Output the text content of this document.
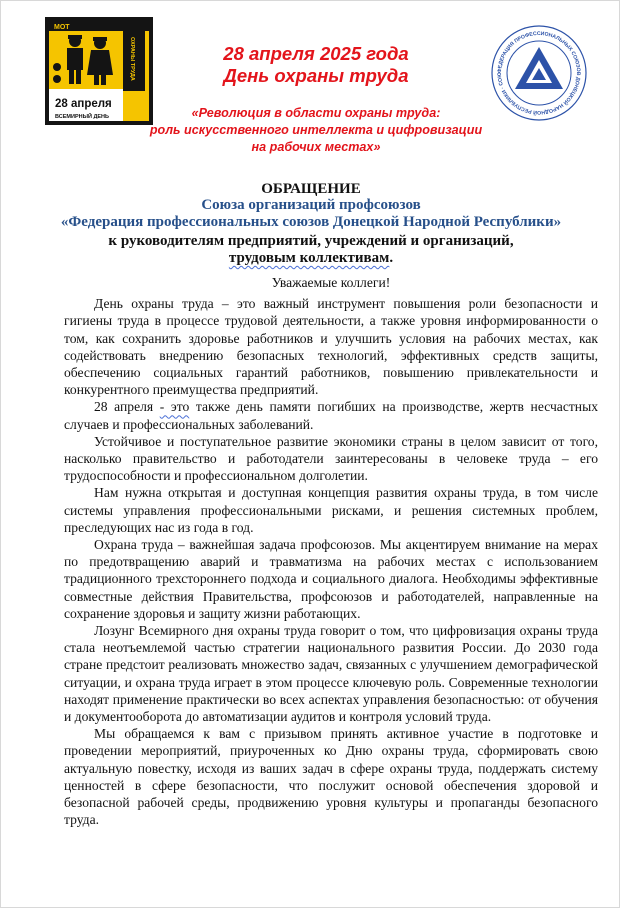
МОТ
ОХРАНЫ ТРУДА
28 апреля
ВСЕМИРНЫЙ ДЕНЬ
28 апреля 2025 года
День охраны труда
«Революция в области охраны труда:
роль искусственного интеллекта и цифровизации
на рабочих местах»
ФЕДЕРАЦИЯ ПРОФЕССИОНАЛЬНЫХ СОЮЗОВ ДОНЕЦКОЙ НАРОДНОЙ РЕСПУБЛИКИ · СОЮ
ОБРАЩЕНИЕ
Союза организаций профсоюзов
«Федерация профессиональных союзов Донецкой Народной Республики»
к руководителям предприятий, учреждений и организаций,
трудовым коллективам.
Уважаемые коллеги!

День охраны труда – это важный инструмент повышения роли безопасности и гигиены труда в процессе трудовой деятельности, а также уровня информированности о том, как сохранить здоровье работников и улучшить условия на рабочих местах, как содействовать внедрению безопасных технологий, эффективных средств защиты, обеспечению социальных гарантий работников, повышению привлекательности и конкурентного преимущества предприятий.

28 апреля - это также день памяти погибших на производстве, жертв несчастных случаев и профессиональных заболеваний.

Устойчивое и поступательное развитие экономики страны в целом зависит от того, насколько правительство и работодатели заинтересованы в человеке труда – его трудоспособности и профессиональном долголетии.

Нам нужна открытая и доступная концепция развития охраны труда, в том числе системы управления профессиональными рисками, и решения системных проблем, преследующих нас из года в год.

Охрана труда – важнейшая задача профсоюзов. Мы акцентируем внимание на мерах по предотвращению аварий и травматизма на рабочих местах с использованием традиционного трехстороннего подхода и социального диалога. Необходимы эффективные совместные действия Правительства, профсоюзов и работодателей, направленные на сохранение здоровья и защиту жизни работающих.

Лозунг Всемирного дня охраны труда говорит о том, что цифровизация охраны труда стала неотъемлемой частью стратегии национального развития России. До 2030 года стране предстоит реализовать множество задач, связанных с улучшением демографической ситуации, и охрана труда играет в этом процессе ключевую роль. Современные технологии находят применение практически во всех аспектах управления безопасностью: от обучения и документооборота до автоматизации аудитов и контроля условий труда.

Мы обращаемся к вам с призывом принять активное участие в подготовке и проведении мероприятий, приуроченных ко Дню охраны труда, сформировать свою актуальную повестку, исходя из ваших задач в сфере охраны труда, поддержать систему ценностей в сфере безопасности, что послужит основой обеспечения здоровой и безопасной рабочей среды, продвижению уровня культуры и пропаганды безопасного труда.
